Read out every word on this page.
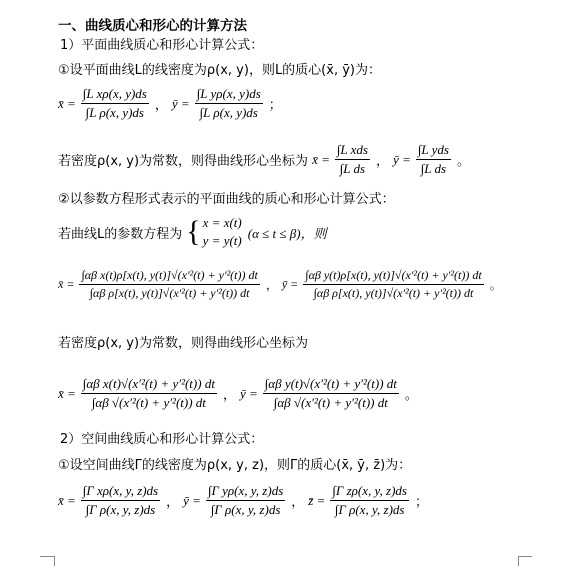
一、曲线质心和形心的计算方法
1）平面曲线质心和形心计算公式：
①设平面曲线L的线密度为ρ(x, y)，则L的质心(x̄, ȳ)为：
x̄ = $\frac{\text{∫L xρ(x, y)ds}}{\text{∫L ρ(x, y)ds}}$ ， ȳ = $\frac{\text{∫L yρ(x, y)ds}}{\text{∫L ρ(x, y)ds}}$ ；
若密度ρ(x, y)为常数，则得曲线形心坐标为 x̄ = $\frac{\text{∫L xds}}{\text{∫L ds}}$ ， ȳ = $\frac{\text{∫L yds}}{\text{∫L ds}}$ 。
②以参数方程形式表示的平面曲线的质心和形心计算公式：
若曲线L的参数方程为 { x = x(t)
y = y(t) (α ≤ t ≤ β)，则
x̄ = $\frac{\text{∫αβ x(t)ρ[x(t), y(t)]√(x′²(t) + y′²(t)) dt}}{\text{∫αβ ρ[x(t), y(t)]√(x′²(t) + y′²(t)) dt}}$ ， ȳ = $\frac{\text{∫αβ y(t)ρ[x(t), y(t)]√(x′²(t) + y′²(t)) dt}}{\text{∫αβ ρ[x(t), y(t)]√(x′²(t) + y′²(t)) dt}}$ 。
若密度ρ(x, y)为常数，则得曲线形心坐标为
x̄ = $\frac{\text{∫αβ x(t)√(x′²(t) + y′²(t)) dt}}{\text{∫αβ √(x′²(t) + y′²(t)) dt}}$ ， ȳ = $\frac{\text{∫αβ y(t)√(x′²(t) + y′²(t)) dt}}{\text{∫αβ √(x′²(t) + y′²(t)) dt}}$ 。
2）空间曲线质心和形心计算公式：
①设空间曲线Γ的线密度为ρ(x, y, z)，则Γ的质心(x̄, ȳ, z̄)为：
x̄ = $\frac{\text{∫Γ xρ(x, y, z)ds}}{\text{∫Γ ρ(x, y, z)ds}}$ ， ȳ = $\frac{\text{∫Γ yρ(x, y, z)ds}}{\text{∫Γ ρ(x, y, z)ds}}$ ， z̄ = $\frac{\text{∫Γ zρ(x, y, z)ds}}{\text{∫Γ ρ(x, y, z)ds}}$ ；
